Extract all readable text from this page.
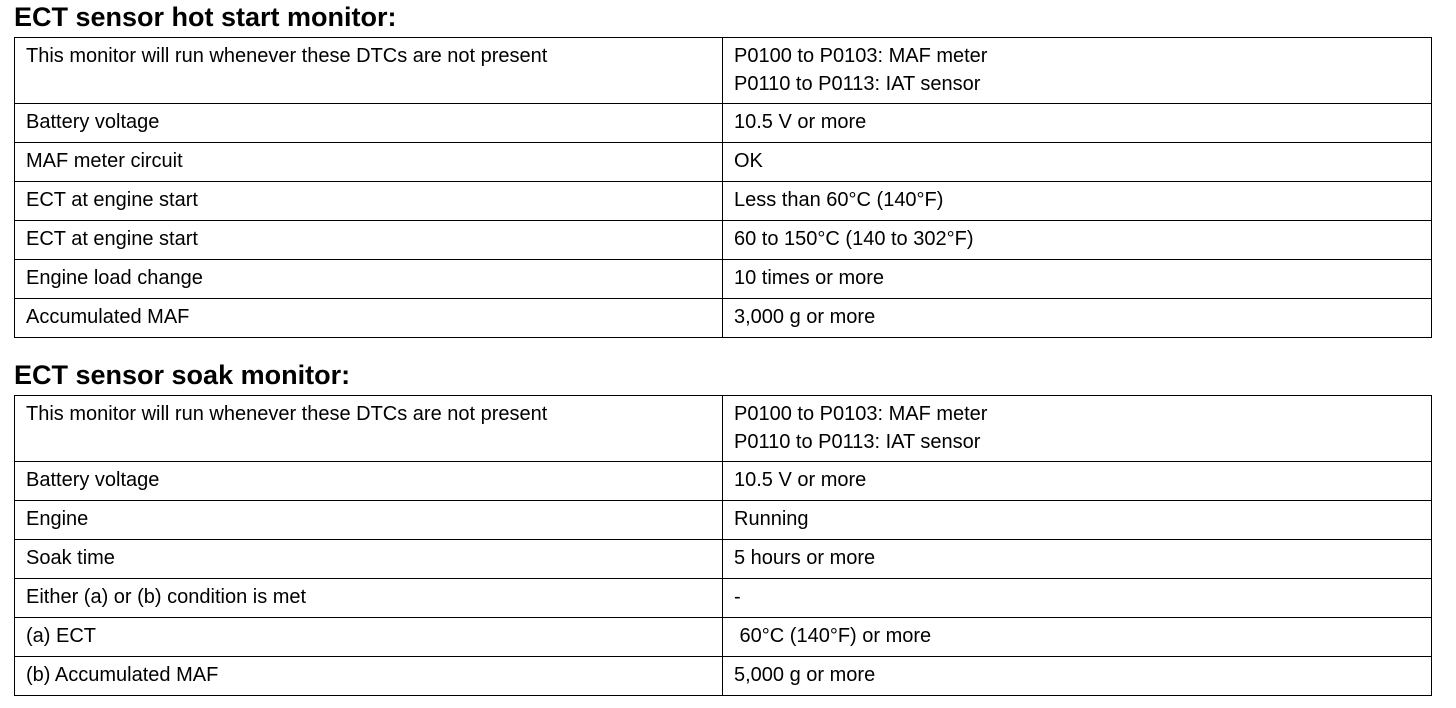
ECT sensor hot start monitor:
This monitor will run whenever these DTCs are not present	P0100 to P0103: MAF meter
P0110 to P0113: IAT sensor

Battery voltage	10.5 V or more
MAF meter circuit	OK
ECT at engine start	Less than 60°C (140°F)
ECT at engine start	60 to 150°C (140 to 302°F)
Engine load change	10 times or more
Accumulated MAF	3,000 g or more
ECT sensor soak monitor:
This monitor will run whenever these DTCs are not present	P0100 to P0103: MAF meter
P0110 to P0113: IAT sensor

Battery voltage	10.5 V or more
Engine	Running
Soak time	5 hours or more
Either (a) or (b) condition is met	-
(a) ECT	60°C (140°F) or more
(b) Accumulated MAF	5,000 g or more
